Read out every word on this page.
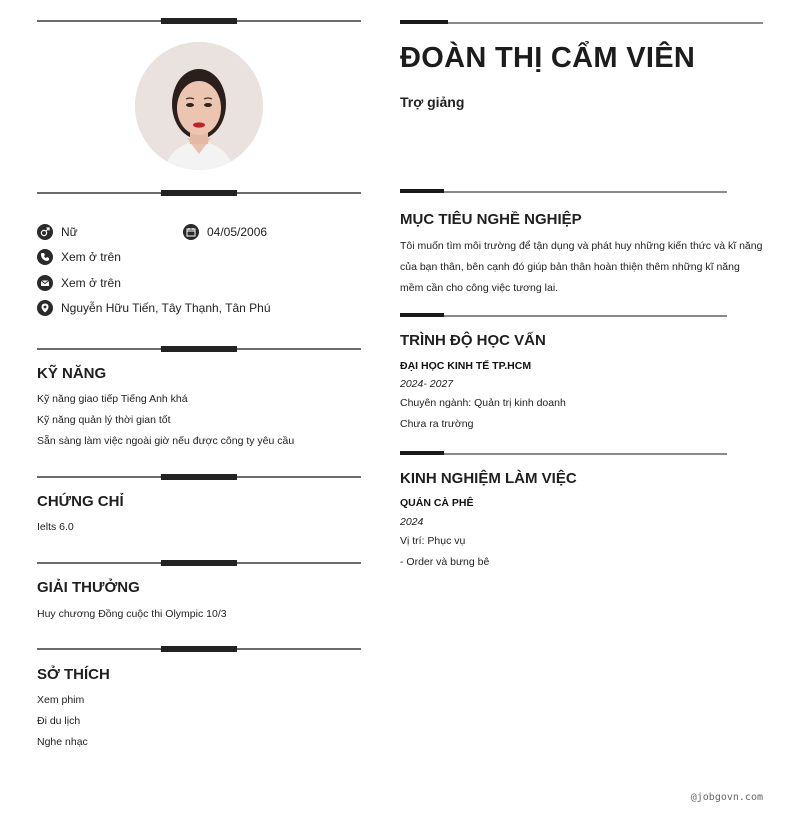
Nữ	04/05/2006
Xem ở trên
Xem ở trên
Nguyễn Hữu Tiến, Tây Thạnh, Tân Phú
KỸ NĂNG
Kỹ năng giao tiếp Tiếng Anh khá
Kỹ năng quản lý thời gian tốt
Sẵn sàng làm việc ngoài giờ nếu được công ty yêu cầu
CHỨNG CHỈ
Ielts 6.0
GIẢI THƯỞNG
Huy chương Đồng cuộc thi Olympic 10/3
SỞ THÍCH
Xem phim
Đi du lịch
Nghe nhạc
ĐOÀN THỊ CẨM VIÊN
Trợ giảng
MỤC TIÊU NGHỀ NGHIỆP
Tôi muốn tìm môi trường để tận dụng và phát huy những kiến thức và kĩ năng của bạn thân, bên cạnh đó giúp bản thân hoàn thiện thêm những kĩ năng mềm cần cho công việc tương lai.
TRÌNH ĐỘ HỌC VẤN
ĐẠI HỌC KINH TẾ TP.HCM
2024- 2027
Chuyên ngành: Quản trị kinh doanh
Chưa ra trường
KINH NGHIỆM LÀM VIỆC
QUÁN CÀ PHÊ
2024
Vị trí: Phục vụ
- Order và bưng bê
@jobgovn.com
